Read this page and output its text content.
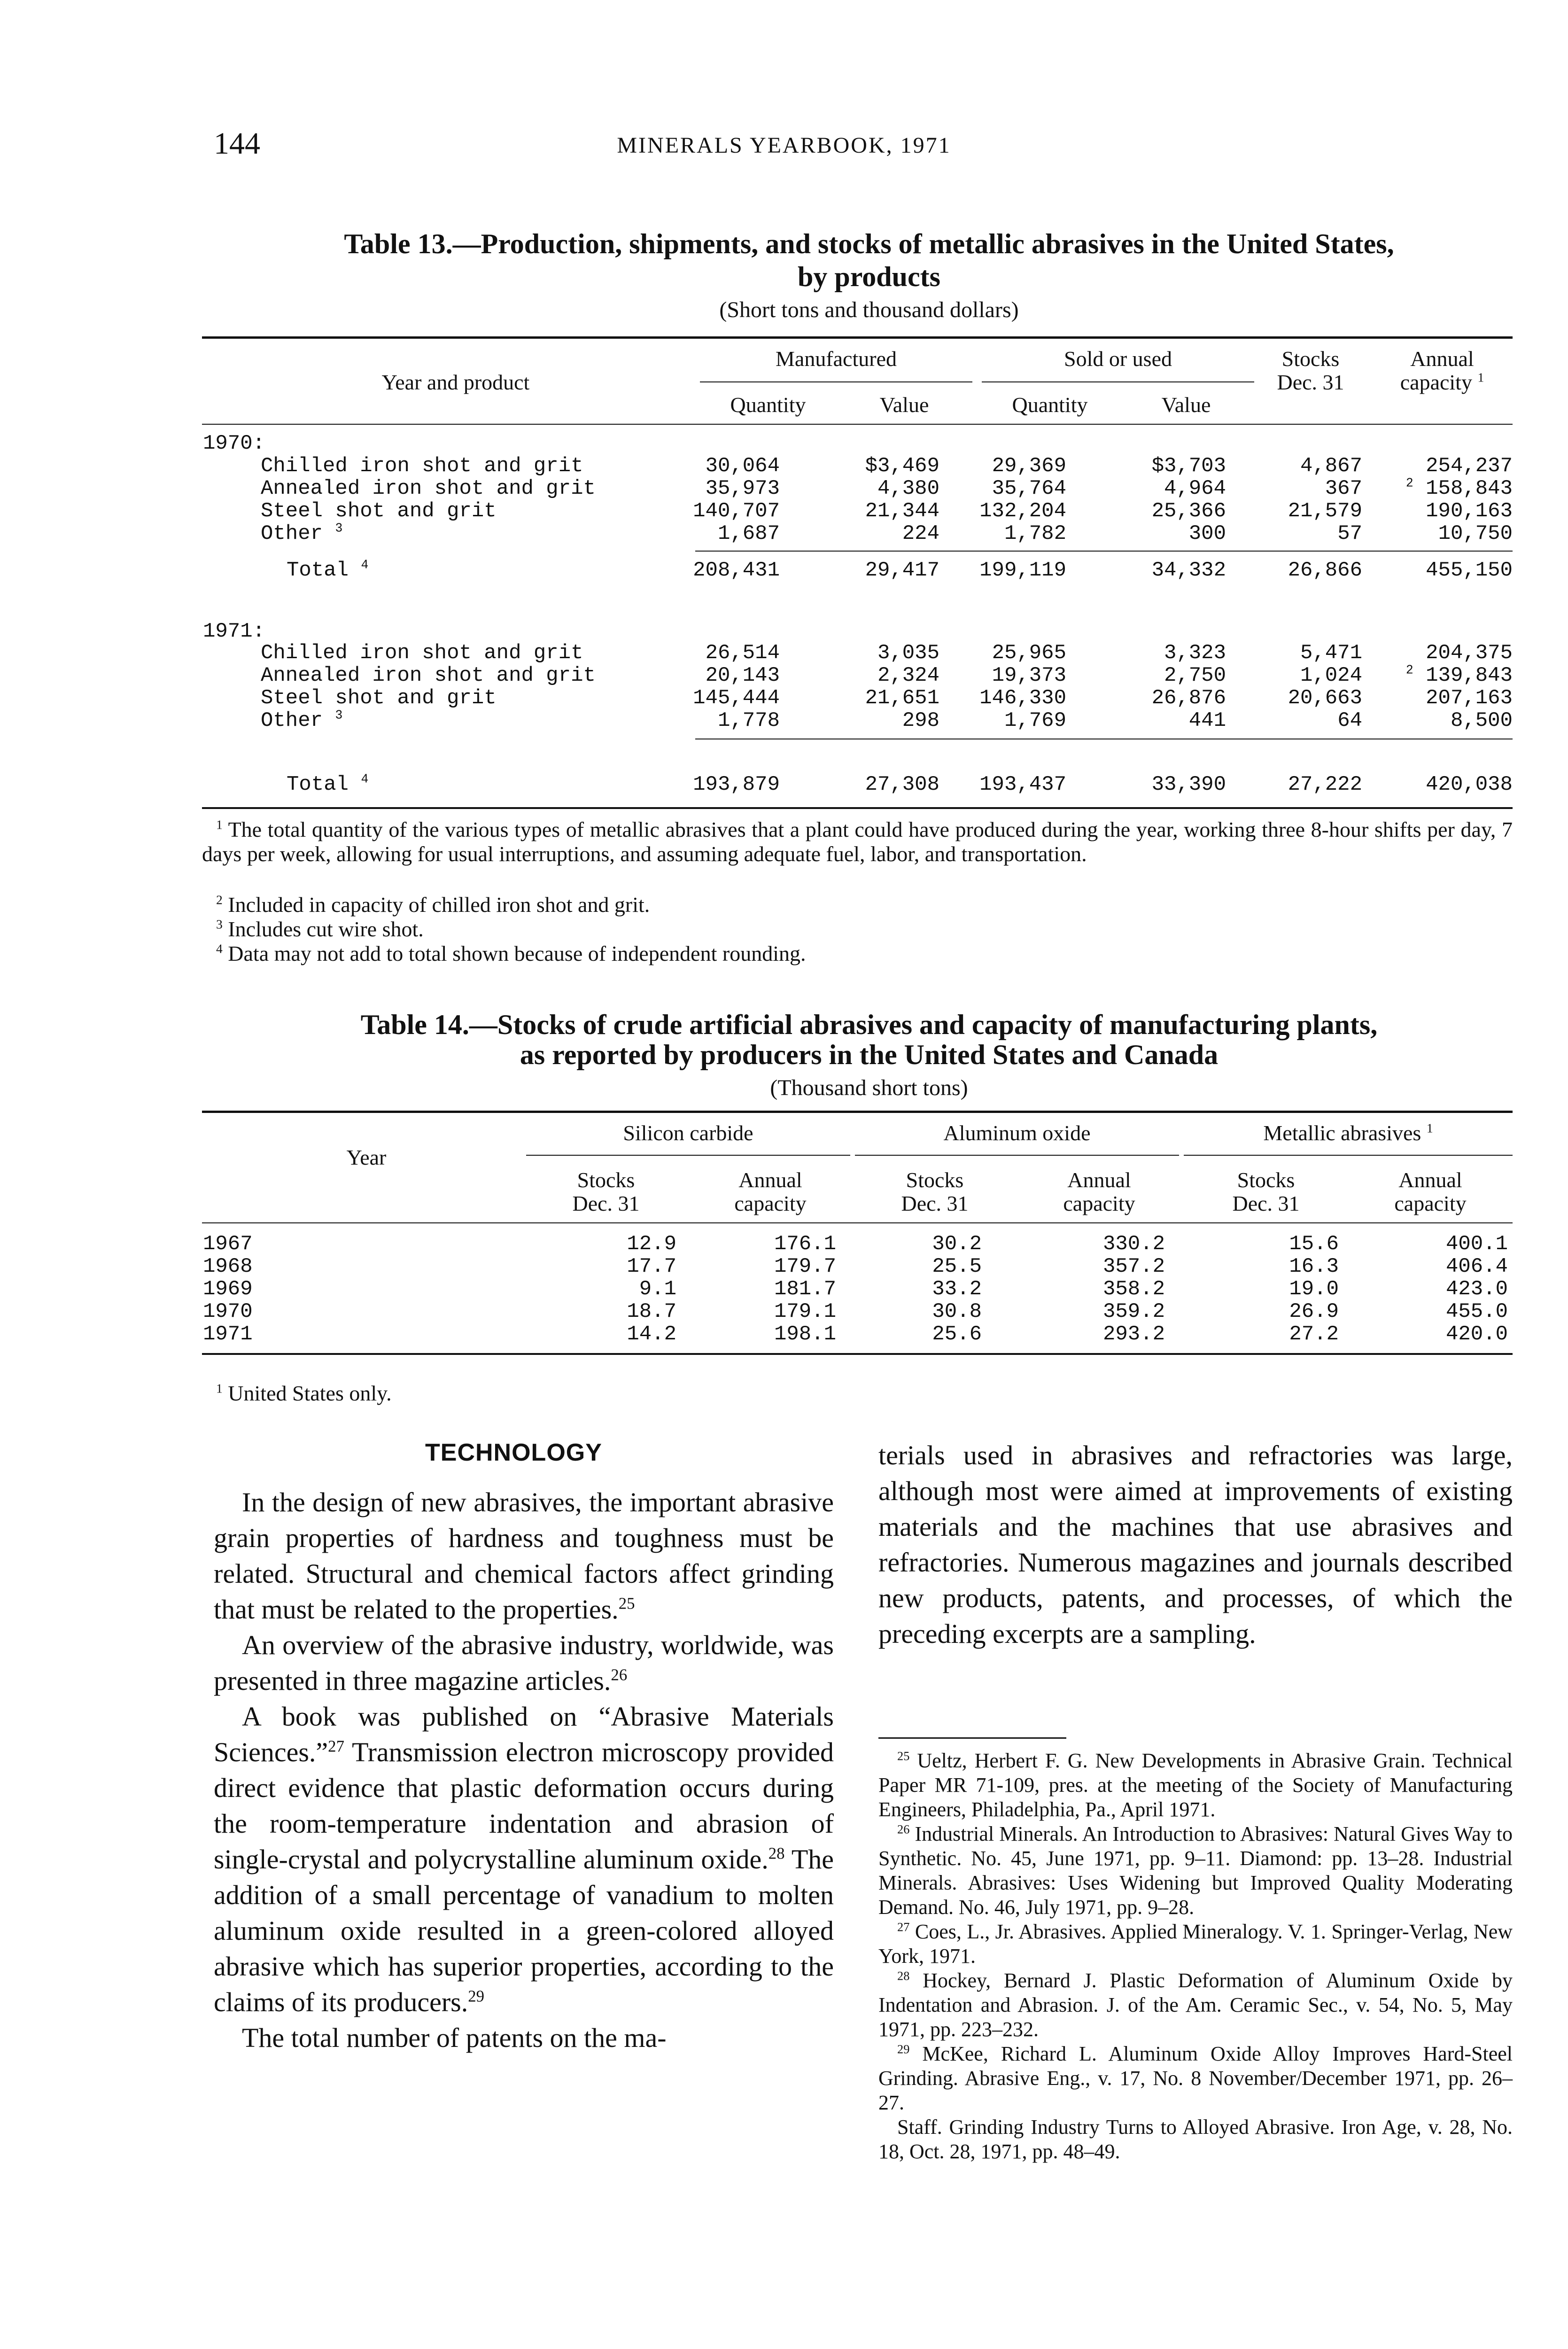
144	MINERALS YEARBOOK, 1971
Table 13.—Production, shipments, and stocks of metallic abrasives in the United States,
by products
(Short tons and thousand dollars)
Year and product
Manufactured	Sold or used	Stocks
Dec. 31
Annual
capacity $^1$
Quantity	Value	Quantity	Value
1970:
Chilled iron shot and grit	30,064	$3,469	29,369	$3,703	4,867	254,237
Annealed iron shot and grit	35,973	4,380	35,764	4,964	367	$^2$ 158,843
Steel shot and grit	140,707	21,344	132,204	25,366	21,579	190,163
Other $^3$	1,687	224	1,782	300	57	10,750
Total $^4$	208,431	29,417	199,119	34,332	26,866	455,150
1971:
Chilled iron shot and grit	26,514	3,035	25,965	3,323	5,471	204,375
Annealed iron shot and grit	20,143	2,324	19,373	2,750	1,024	$^2$ 139,843
Steel shot and grit	145,444	21,651	146,330	26,876	20,663	207,163
Other $^3$	1,778	298	1,769	441	64	8,500
Total $^4$	193,879	27,308	193,437	33,390	27,222	420,038
$^1$ The total quantity of the various types of metallic abrasives that a plant could have produced during the year, working three 8-hour shifts per day, 7 days per week, allowing for usual interruptions, and assuming adequate fuel, labor, and transportation.
$^2$ Included in capacity of chilled iron shot and grit.
$^3$ Includes cut wire shot.
$^4$ Data may not add to total shown because of independent rounding.
Table 14.—Stocks of crude artificial abrasives and capacity of manufacturing plants,
as reported by producers in the United States and Canada
(Thousand short tons)
Year
Silicon carbide	Aluminum oxide	Metallic abrasives $^1$
Stocks
Dec. 31
Annual
capacity
Stocks
Dec. 31
Annual
capacity
Stocks
Dec. 31
Annual
capacity
1967	12.9	176.1	30.2	330.2	15.6	400.1
1968	17.7	179.7	25.5	357.2	16.3	406.4
1969	9.1	181.7	33.2	358.2	19.0	423.0
1970	18.7	179.1	30.8	359.2	26.9	455.0
1971	14.2	198.1	25.6	293.2	27.2	420.0
$^1$ United States only.
TECHNOLOGY

In the design of new abrasives, the important abrasive grain properties of hardness and toughness must be related. Structural and chemical factors affect grinding that must be related to the properties.$^{25}$

An overview of the abrasive industry, worldwide, was presented in three magazine articles.$^{26}$

A book was published on “Abrasive Materials Sciences.”$^{27}$ Transmission electron microscopy provided direct evidence that plastic deformation occurs during the room-temperature indentation and abrasion of single-crystal and polycrystalline aluminum oxide.$^{28}$ The addition of a small percentage of vanadium to molten aluminum oxide resulted in a green-colored alloyed abrasive which has superior properties, according to the claims of its producers.$^{29}$

The total number of patents on the ma-

terials used in abrasives and refractories was large, although most were aimed at improvements of existing materials and the machines that use abrasives and refractories. Numerous magazines and journals described new products, patents, and processes, of which the preceding excerpts are a sampling.

$^{25}$ Ueltz, Herbert F. G. New Developments in Abrasive Grain. Technical Paper MR 71-109, pres. at the meeting of the Society of Manufacturing Engineers, Philadelphia, Pa., April 1971.

$^{26}$ Industrial Minerals. An Introduction to Abrasives: Natural Gives Way to Synthetic. No. 45, June 1971, pp. 9–11. Diamond: pp. 13–28. Industrial Minerals. Abrasives: Uses Widening but Improved Quality Moderating Demand. No. 46, July 1971, pp. 9–28.

$^{27}$ Coes, L., Jr. Abrasives. Applied Mineralogy. V. 1. Springer-Verlag, New York, 1971.

$^{28}$ Hockey, Bernard J. Plastic Deformation of Aluminum Oxide by Indentation and Abrasion. J. of the Am. Ceramic Sec., v. 54, No. 5, May 1971, pp. 223–232.

$^{29}$ McKee, Richard L. Aluminum Oxide Alloy Improves Hard-Steel Grinding. Abrasive Eng., v. 17, No. 8 November/December 1971, pp. 26–27.

Staff. Grinding Industry Turns to Alloyed Abrasive. Iron Age, v. 28, No. 18, Oct. 28, 1971, pp. 48–49.
